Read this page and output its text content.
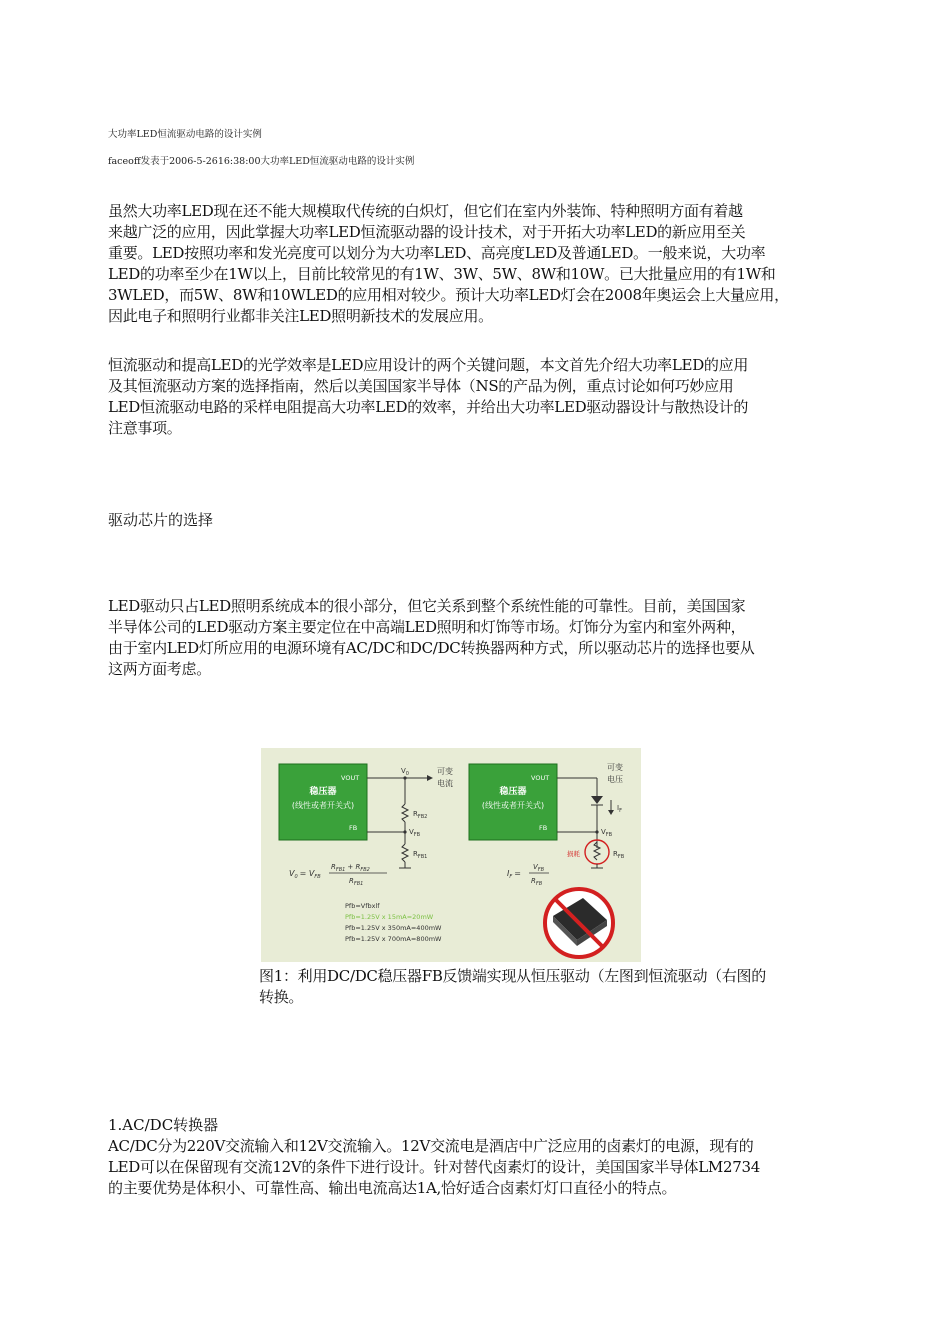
大功率LED恒流驱动电路的设计实例
faceoff发表于2006-5-2616:38:00大功率LED恒流驱动电路的设计实例
虽然大功率LED现在还不能大规模取代传统的白炽灯，但它们在室内外装饰、特种照明方面有着越
来越广泛的应用，因此掌握大功率LED恒流驱动器的设计技术，对于开拓大功率LED的新应用至关
重要。LED按照功率和发光亮度可以划分为大功率LED、高亮度LED及普通LED。一般来说，大功率
LED的功率至少在1W以上，目前比较常见的有1W、3W、5W、8W和10W。已大批量应用的有1W和
3WLED，而5W、8W和10WLED的应用相对较少。预计大功率LED灯会在2008年奥运会上大量应用，
因此电子和照明行业都非关注LED照明新技术的发展应用。
恒流驱动和提高LED的光学效率是LED应用设计的两个关键问题，本文首先介绍大功率LED的应用
及其恒流驱动方案的选择指南，然后以美国国家半导体（NS的产品为例，重点讨论如何巧妙应用
LED恒流驱动电路的采样电阻提高大功率LED的效率，并给出大功率LED驱动器设计与散热设计的
注意事项。
驱动芯片的选择
LED驱动只占LED照明系统成本的很小部分，但它关系到整个系统性能的可靠性。目前，美国国家
半导体公司的LED驱动方案主要定位在中高端LED照明和灯饰等市场。灯饰分为室内和室外两种，
由于室内LED灯所应用的电源环境有AC/DC和DC/DC转换器两种方式，所以驱动芯片的选择也要从
这两方面考虑。
1.AC/DC转换器
AC/DC分为220V交流输入和12V交流输入。12V交流电是酒店中广泛应用的卤素灯的电源，现有的
LED可以在保留现有交流12V的条件下进行设计。针对替代卤素灯的设计，美国国家半导体LM2734
的主要优势是体积小、可靠性高、输出电流高达1A,恰好适合卤素灯灯口直径小的特点。
稳压器
(线性或者开关式)
VOUT
FB
$V_0$	可变
电流
$R_{FB2}$
$V_{FB}$
$R_{FB1}$
$V_0 = V_{FB}$
$R_{FB1} + R_{FB2}$
$R_{FB1}$
Pfb=Vfbxlf
Pfb=1.25V x 15mA=20mW
Pfb=1.25V x 350mA=400mW
Pfb=1.25V x 700mA=800mW
稳压器
(线性或者开关式)
VOUT
FB
可变
电压
$I_F$
$V_{FB}$
$R_{FB}$
损耗
$I_F$ =
$V_{FB}$
$R_{FB}$
图1：利用DC/DC稳压器FB反馈端实现从恒压驱动（左图到恒流驱动（右图的
转换。
